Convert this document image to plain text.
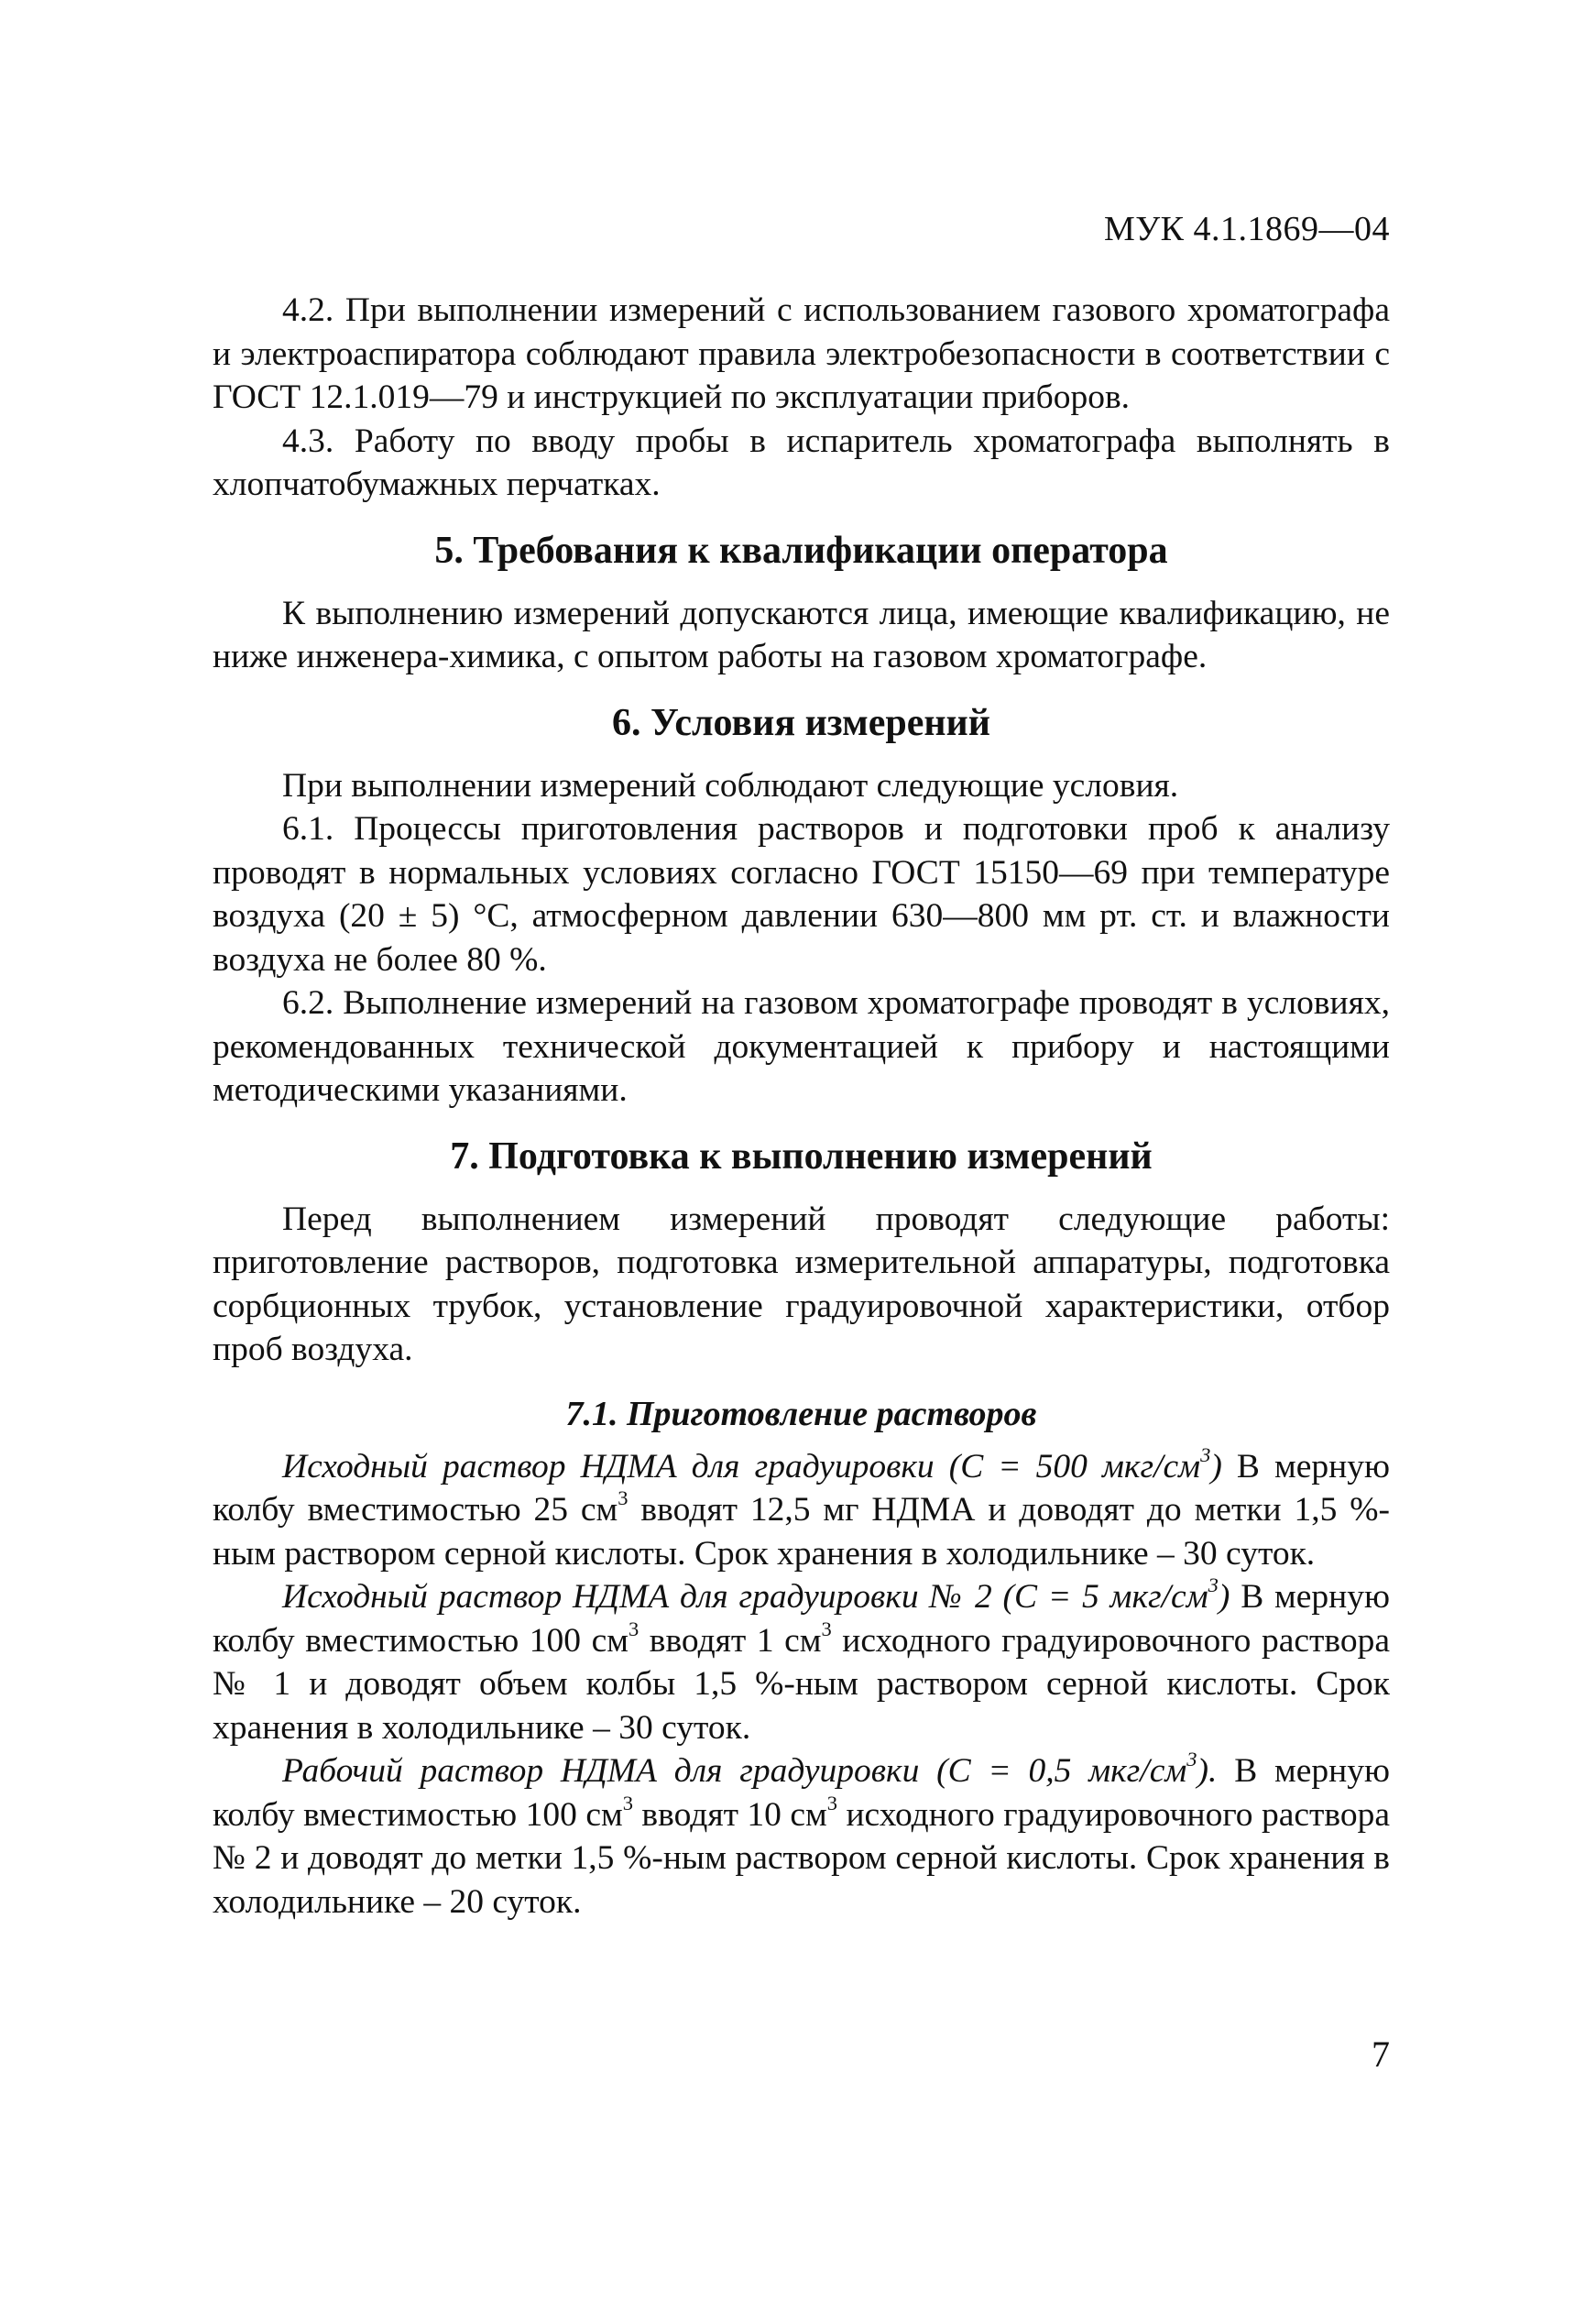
МУК 4.1.1869—04

4.2. При выполнении измерений с использованием газового хроматографа и электроаспиратора соблюдают правила электробезопасности в соответствии с ГОСТ 12.1.019—79 и инструкцией по эксплуатации приборов.

4.3. Работу по вводу пробы в испаритель хроматографа выполнять в хлопчатобумажных перчатках.

5. Требования к квалификации оператора

К выполнению измерений допускаются лица, имеющие квалификацию, не ниже инженера-химика, с опытом работы на газовом хроматографе.

6. Условия измерений

При выполнении измерений соблюдают следующие условия.

6.1. Процессы приготовления растворов и подготовки проб к анализу проводят в нормальных условиях согласно ГОСТ 15150—69 при температуре воздуха (20 ± 5) °C, атмосферном давлении 630—800 мм рт. ст. и влажности воздуха не более 80 %.

6.2. Выполнение измерений на газовом хроматографе проводят в условиях, рекомендованных технической документацией к прибору и настоящими методическими указаниями.

7. Подготовка к выполнению измерений

Перед выполнением измерений проводят следующие работы: приготовление растворов, подготовка измерительной аппаратуры, подготовка сорбционных трубок, установление градуировочной характеристики, отбор проб воздуха.

7.1. Приготовление растворов

Исходный раствор НДМА для градуировки (С = 500 мкг/$см^3$) В мерную колбу вместимостью 25 $см^3$ вводят 12,5 мг НДМА и доводят до метки 1,5 %-ным раствором серной кислоты. Срок хранения в холодильнике – 30 суток.

Исходный раствор НДМА для градуировки № 2 (С = 5 мкг/$см^3$) В мерную колбу вместимостью 100 $см^3$ вводят 1 $см^3$ исходного градуировочного раствора № 1 и доводят объем колбы 1,5 %-ным раствором серной кислоты. Срок хранения в холодильнике – 30 суток.

Рабочий раствор НДМА для градуировки (С = 0,5 мкг/$см^3$). В мерную колбу вместимостью 100 $см^3$ вводят 10 $см^3$ исходного градуировочного раствора № 2 и доводят до метки 1,5 %-ным раствором серной кислоты. Срок хранения в холодильнике – 20 суток.

7
